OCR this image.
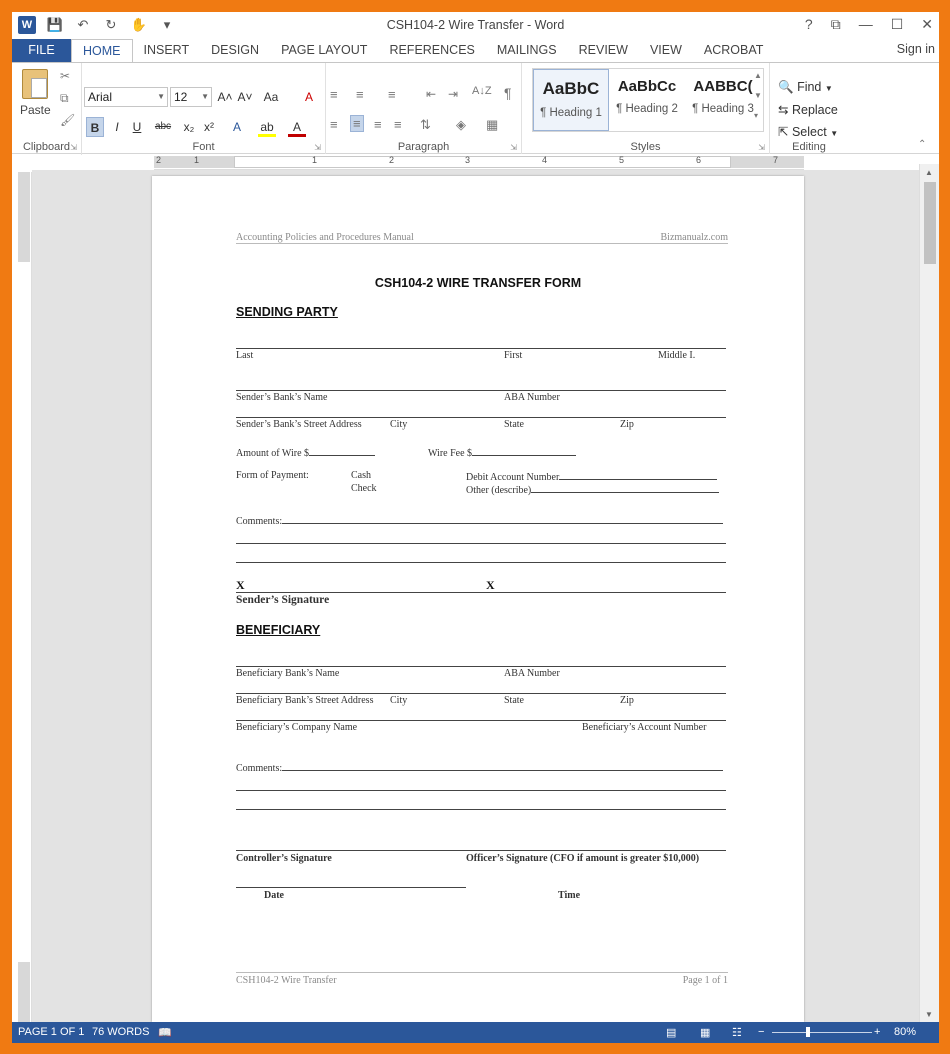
W 💾 ↶ ↻ ✋	▾	CSH104-2 Wire Transfer - Word	? ⧉ — ☐ ✕
FILE	HOME	INSERT	DESIGN	PAGE LAYOUT	REFERENCES	MAILINGS	REVIEW	VIEW	ACROBAT	Sign in
Paste
✂
⧉
🖌
Clipboard ⇲
Arial	▼ 12 ▼ A˄ A˅ Aa	A
B	I	U	abc	x₂ x²	A	ab	A
Font	⇲
≡ ≡ ≡	⇤ ⇥ A↓Z ¶
≡ ≡ ≡ ≡ ⇅ ◈ ▦
Paragraph	⇲	Styles	⇲
AaBbC
¶ Heading 1
AaBbCc
¶ Heading 2
AABBC(
¶ Heading 3
▲
▼
▾
Editing
🔍 Find ▼
⇆ Replace
⇱ Select ▼
⌃
2	1	1	2	3	4	5	6	7
▲
▼
Accounting Policies and Procedures Manual	Bizmanualz.com
CSH104-2 WIRE TRANSFER FORM
SENDING PARTY
Last	First	Middle I.
Sender’s Bank’s Name	ABA Number
Sender’s Bank’s Street Address	City	State	Zip
Amount of Wire $	Wire Fee $
Form of Payment:	Cash
Check
Debit Account Number
Other (describe)
Comments:
X	X
Sender’s Signature
BENEFICIARY
Beneficiary Bank’s Name	ABA Number
Beneficiary Bank’s Street Address City	State	Zip
Beneficiary’s Company Name	Beneficiary’s Account Number
Comments:
Controller’s Signature	Officer’s Signature (CFO if amount is greater $10,000)
Date	Time
CSH104-2 Wire Transfer	Page 1 of 1
PAGE 1 OF 1 76 WORDS 📖	▤ ▦ ☷ −	+ 80%
